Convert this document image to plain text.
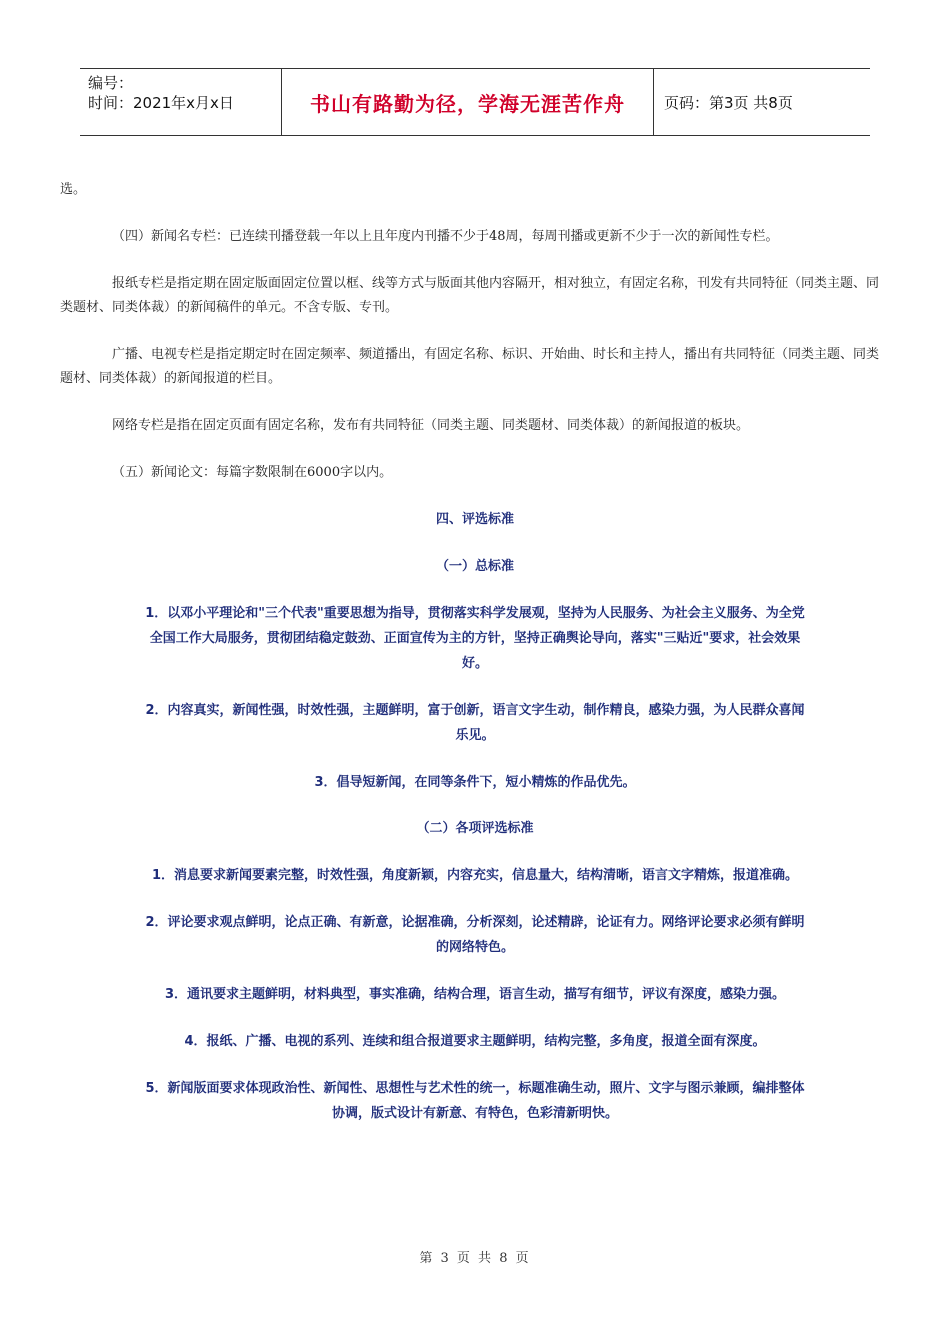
编号：
时间：2021年x月x日	书山有路勤为径，学海无涯苦作舟	页码：第3页 共8页

选。

（四）新闻名专栏：已连续刊播登载一年以上且年度内刊播不少于48周，每周刊播或更新不少于一次的新闻性专栏。

报纸专栏是指定期在固定版面固定位置以框、线等方式与版面其他内容隔开，相对独立，有固定名称，刊发有共同特征（同类主题、同类题材、同类体裁）的新闻稿件的单元。不含专版、专刊。

广播、电视专栏是指定期定时在固定频率、频道播出，有固定名称、标识、开始曲、时长和主持人，播出有共同特征（同类主题、同类题材、同类体裁）的新闻报道的栏目。

网络专栏是指在固定页面有固定名称，发布有共同特征（同类主题、同类题材、同类体裁）的新闻报道的板块。

（五）新闻论文：每篇字数限制在6000字以内。

四、评选标准

（一）总标准

1．以邓小平理论和"三个代表"重要思想为指导，贯彻落实科学发展观，坚持为人民服务、为社会主义服务、为全党全国工作大局服务，贯彻团结稳定鼓劲、正面宣传为主的方针，坚持正确舆论导向，落实"三贴近"要求，社会效果好。

2．内容真实，新闻性强，时效性强，主题鲜明，富于创新，语言文字生动，制作精良，感染力强，为人民群众喜闻乐见。

3．倡导短新闻，在同等条件下，短小精炼的作品优先。

（二）各项评选标准

1．消息要求新闻要素完整，时效性强，角度新颖，内容充实，信息量大，结构清晰，语言文字精炼，报道准确。

2．评论要求观点鲜明，论点正确、有新意，论据准确，分析深刻，论述精辟，论证有力。网络评论要求必须有鲜明的网络特色。

3．通讯要求主题鲜明，材料典型，事实准确，结构合理，语言生动，描写有细节，评议有深度，感染力强。

4．报纸、广播、电视的系列、连续和组合报道要求主题鲜明，结构完整，多角度，报道全面有深度。

5．新闻版面要求体现政治性、新闻性、思想性与艺术性的统一，标题准确生动，照片、文字与图示兼顾，编排整体协调，版式设计有新意、有特色，色彩清新明快。

第 3 页 共 8 页
